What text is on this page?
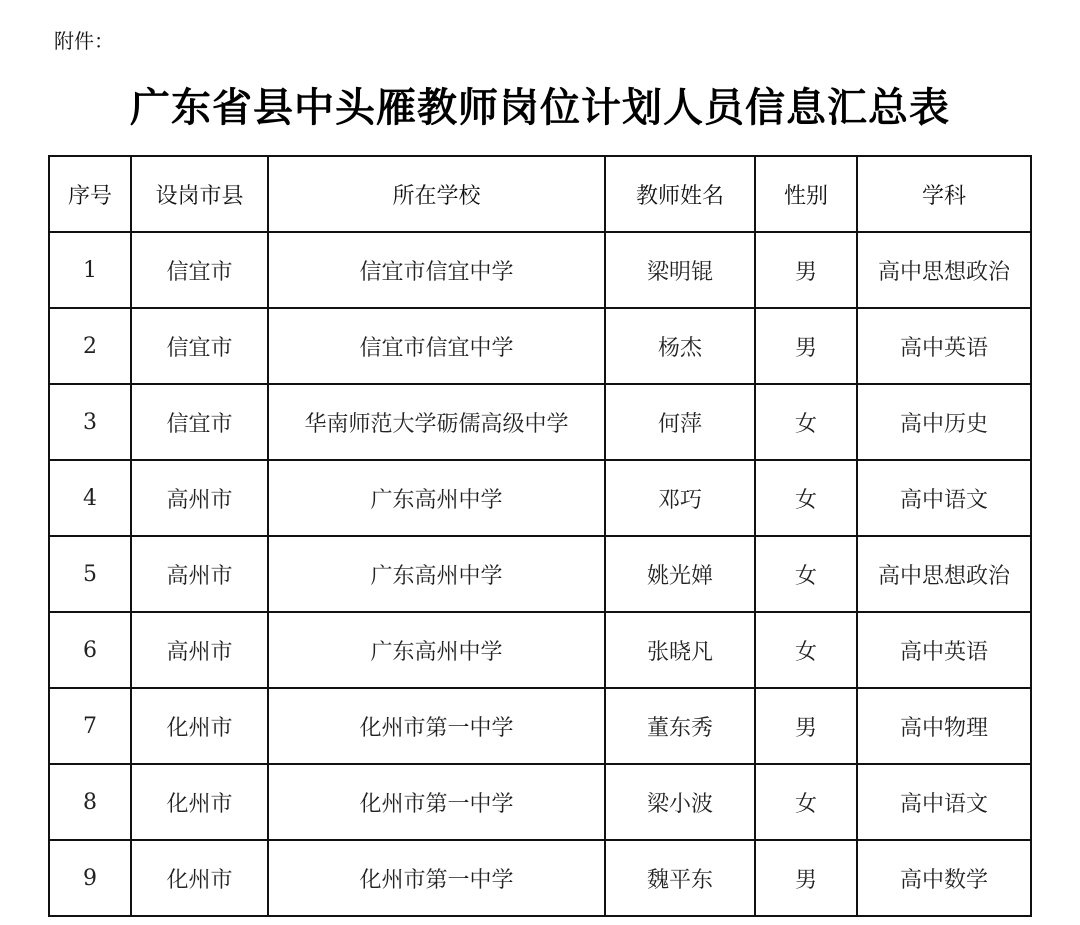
附件：
广东省县中头雁教师岗位计划人员信息汇总表
序号	设岗市县	所在学校	教师姓名	性别	学科
1	信宜市	信宜市信宜中学	梁明锟	男	高中思想政治
2	信宜市	信宜市信宜中学	杨杰	男	高中英语
3	信宜市	华南师范大学砺儒高级中学	何萍	女	高中历史
4	高州市	广东高州中学	邓巧	女	高中语文
5	高州市	广东高州中学	姚光婵	女	高中思想政治
6	高州市	广东高州中学	张晓凡	女	高中英语
7	化州市	化州市第一中学	董东秀	男	高中物理
8	化州市	化州市第一中学	梁小波	女	高中语文
9	化州市	化州市第一中学	魏平东	男	高中数学
